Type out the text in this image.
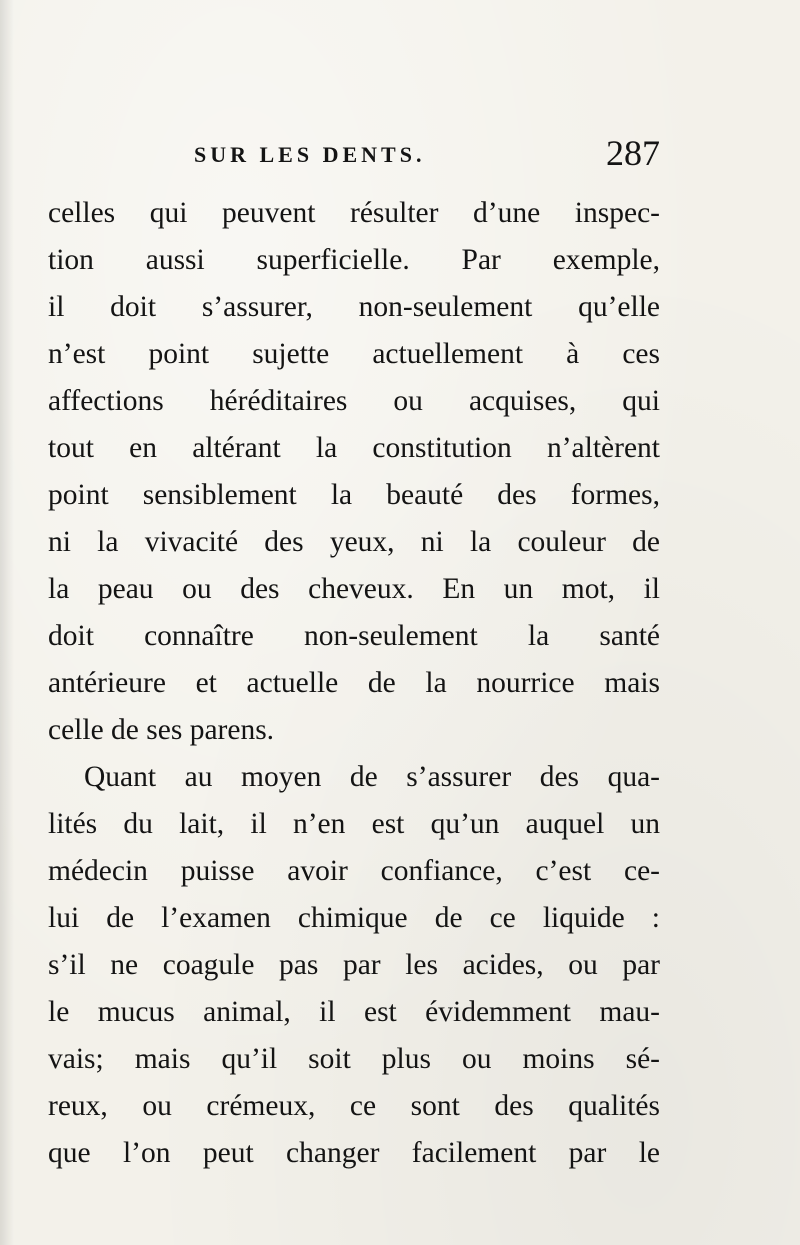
SUR LES DENTS.	287
celles qui peuvent résulter d’une inspec-
tion aussi superficielle. Par exemple,
il doit s’assurer, non-seulement qu’elle
n’est point sujette actuellement à ces
affections héréditaires ou acquises, qui
tout en altérant la constitution n’altèrent
point sensiblement la beauté des formes,
ni la vivacité des yeux, ni la couleur de
la peau ou des cheveux. En un mot, il
doit connaître non-seulement la santé
antérieure et actuelle de la nourrice mais
celle de ses parens.
Quant au moyen de s’assurer des qua-
lités du lait, il n’en est qu’un auquel un
médecin puisse avoir confiance, c’est ce-
lui de l’examen chimique de ce liquide :
s’il ne coagule pas par les acides, ou par
le mucus animal, il est évidemment mau-
vais; mais qu’il soit plus ou moins sé-
reux, ou crémeux, ce sont des qualités
que l’on peut changer facilement par le
